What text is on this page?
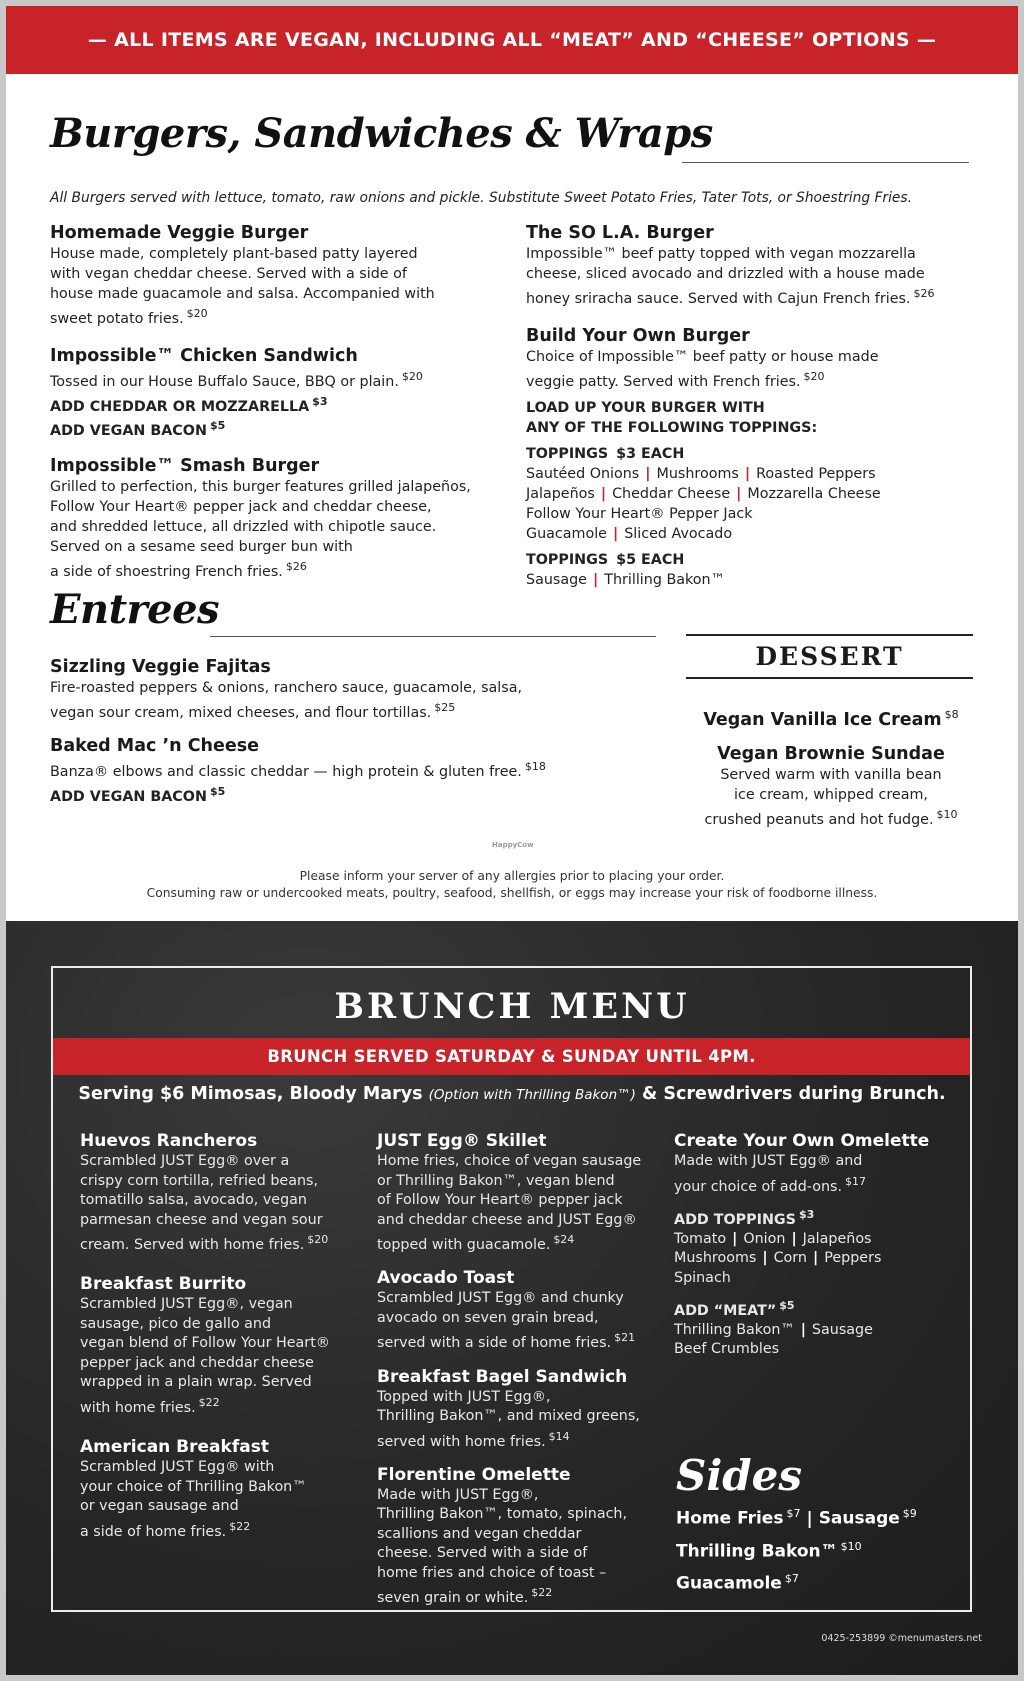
— ALL ITEMS ARE VEGAN, INCLUDING ALL “MEAT” AND “CHEESE” OPTIONS —
Burgers, Sandwiches & Wraps
All Burgers served with lettuce, tomato, raw onions and pickle. Substitute Sweet Potato Fries, Tater Tots, or Shoestring Fries.
Homemade Veggie Burger
House made, completely plant-based patty layered
with vegan cheddar cheese. Served with a side of
house made guacamole and salsa. Accompanied with
sweet potato fries. $^{\$20}$
Impossible™ Chicken Sandwich
Tossed in our House Buffalo Sauce, BBQ or plain. $^{\$20}$
ADD CHEDDAR OR MOZZARELLA $^{\$3}$
ADD VEGAN BACON $^{\$5}$
Impossible™ Smash Burger
Grilled to perfection, this burger features grilled jalapeños,
Follow Your Heart® pepper jack and cheddar cheese,
and shredded lettuce, all drizzled with chipotle sauce.
Served on a sesame seed burger bun with
a side of shoestring French fries. $^{\$26}$
The SO L.A. Burger
Impossible™ beef patty topped with vegan mozzarella
cheese, sliced avocado and drizzled with a house made
honey sriracha sauce. Served with Cajun French fries. $^{\$26}$
Build Your Own Burger
Choice of Impossible™ beef patty or house made
veggie patty. Served with French fries. $^{\$20}$
LOAD UP YOUR BURGER WITH
ANY OF THE FOLLOWING TOPPINGS:
TOPPINGS $3 EACH
Sautéed Onions | Mushrooms | Roasted Peppers
Jalapeños | Cheddar Cheese | Mozzarella Cheese
Follow Your Heart® Pepper Jack
Guacamole | Sliced Avocado
TOPPINGS $5 EACH
Sausage | Thrilling Bakon™
Entrees
Sizzling Veggie Fajitas
Fire-roasted peppers & onions, ranchero sauce, guacamole, salsa,
vegan sour cream, mixed cheeses, and flour tortillas. $^{\$25}$
Baked Mac ’n Cheese
Banza® elbows and classic cheddar — high protein & gluten free. $^{\$18}$
ADD VEGAN BACON $^{\$5}$
DESSERT
Vegan Vanilla Ice Cream $^{\$8}$
Vegan Brownie Sundae
Served warm with vanilla bean
ice cream, whipped cream,
crushed peanuts and hot fudge. $^{\$10}$
HappyCow
Please inform your server of any allergies prior to placing your order.
Consuming raw or undercooked meats, poultry, seafood, shellfish, or eggs may increase your risk of foodborne illness.
BRUNCH MENU
BRUNCH SERVED SATURDAY & SUNDAY UNTIL 4PM.
Serving $6 Mimosas, Bloody Marys (Option with Thrilling Bakon™) & Screwdrivers during Brunch.
Huevos Rancheros
Scrambled JUST Egg® over a
crispy corn tortilla, refried beans,
tomatillo salsa, avocado, vegan
parmesan cheese and vegan sour
cream. Served with home fries. $^{\$20}$
Breakfast Burrito
Scrambled JUST Egg®, vegan
sausage, pico de gallo and
vegan blend of Follow Your Heart®
pepper jack and cheddar cheese
wrapped in a plain wrap. Served
with home fries. $^{\$22}$
American Breakfast
Scrambled JUST Egg® with
your choice of Thrilling Bakon™
or vegan sausage and
a side of home fries. $^{\$22}$
JUST Egg® Skillet
Home fries, choice of vegan sausage
or Thrilling Bakon™, vegan blend
of Follow Your Heart® pepper jack
and cheddar cheese and JUST Egg®
topped with guacamole. $^{\$24}$
Avocado Toast
Scrambled JUST Egg® and chunky
avocado on seven grain bread,
served with a side of home fries. $^{\$21}$
Breakfast Bagel Sandwich
Topped with JUST Egg®,
Thrilling Bakon™, and mixed greens,
served with home fries. $^{\$14}$
Florentine Omelette
Made with JUST Egg®,
Thrilling Bakon™, tomato, spinach,
scallions and vegan cheddar
cheese. Served with a side of
home fries and choice of toast –
seven grain or white. $^{\$22}$
Create Your Own Omelette
Made with JUST Egg® and
your choice of add-ons. $^{\$17}$
ADD TOPPINGS $^{\$3}$
Tomato | Onion | Jalapeños
Mushrooms | Corn | Peppers
Spinach
ADD “MEAT” $^{\$5}$
Thrilling Bakon™ | Sausage
Beef Crumbles
Sides
Home Fries $^{\$7}$ | Sausage $^{\$9}$
Thrilling Bakon™ $^{\$10}$
Guacamole $^{\$7}$
0425-253899 ©menumasters.net
